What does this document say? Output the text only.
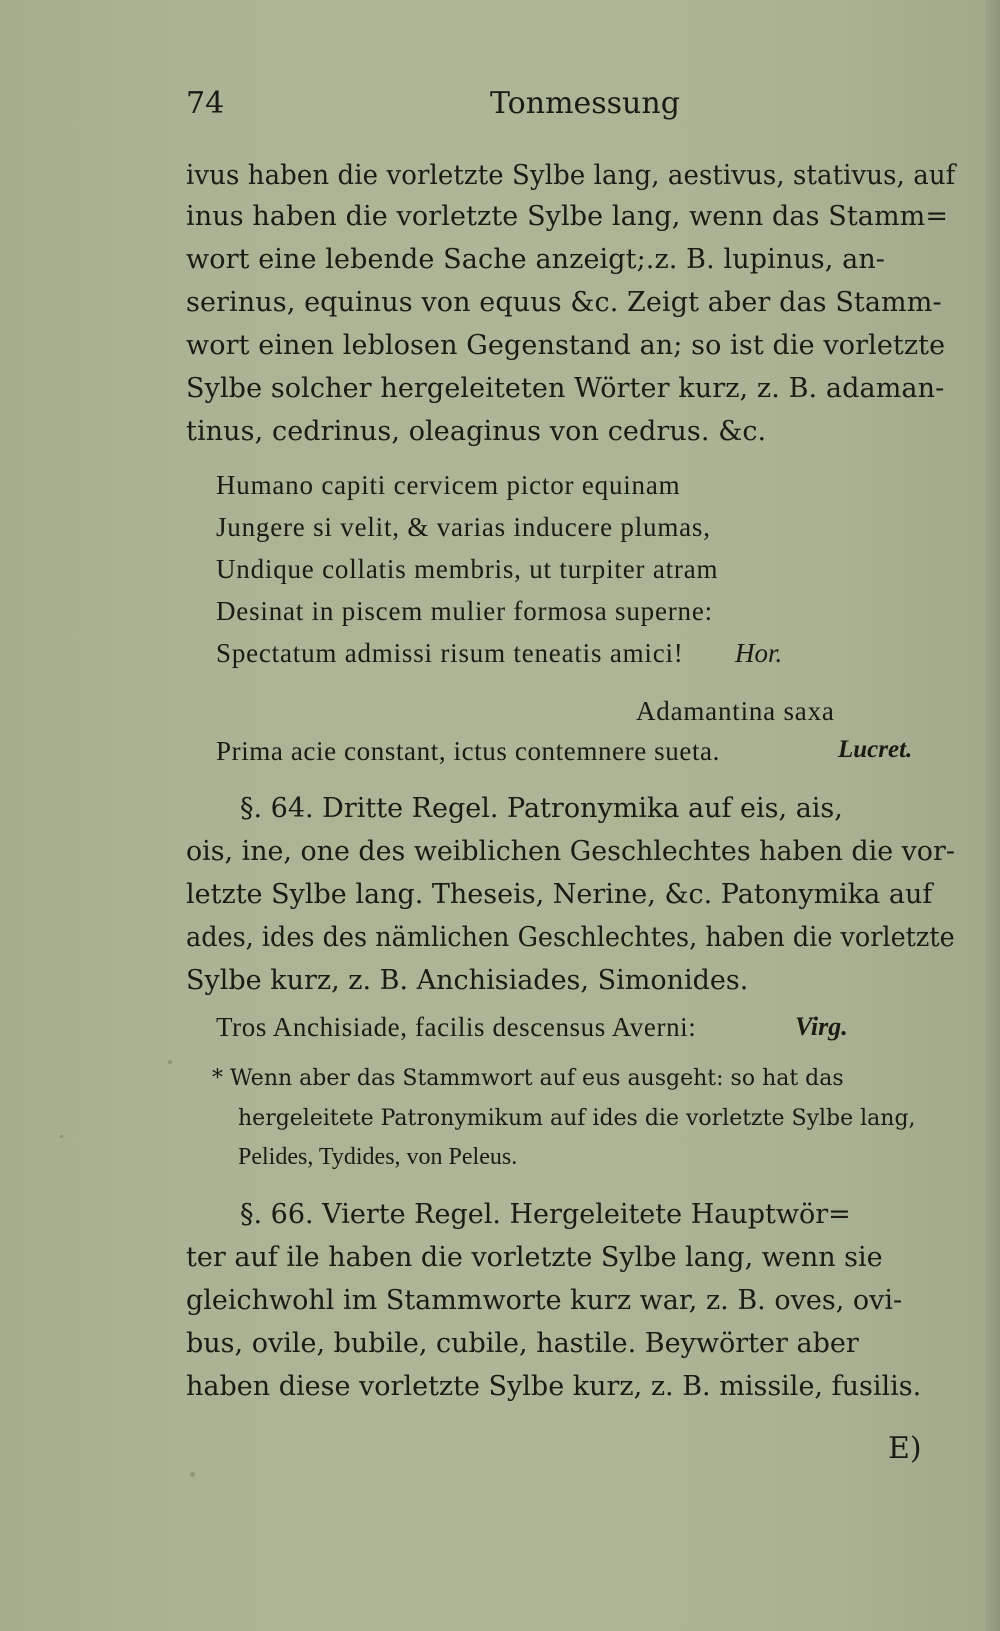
74	Tonmessung
ivus haben die vorletzte Sylbe lang, aestivus, stativus, auf
inus haben die vorletzte Sylbe lang, wenn das Stamm=
wort eine lebende Sache anzeigt;.z. B. lupinus, an-
serinus, equinus von equus &c. Zeigt aber das Stamm-
wort einen leblosen Gegenstand an; so ist die vorletzte
Sylbe solcher hergeleiteten Wörter kurz, z. B. adaman-
tinus, cedrinus, oleaginus von cedrus. &c.
Humano capiti cervicem pictor equinam
Jungere si velit, & varias inducere plumas,
Undique collatis membris, ut turpiter atram
Desinat in piscem mulier formosa superne:
Spectatum admissi risum teneatis amici! Hor.
Adamantina saxa
Prima acie constant, ictus contemnere sueta.	Lucret.
§. 64. Dritte Regel. Patronymika auf eis, ais,
ois, ine, one des weiblichen Geschlechtes haben die vor-
letzte Sylbe lang. Theseis, Nerine, &c. Patonymika auf
ades, ides des nämlichen Geschlechtes, haben die vorletzte
Sylbe kurz, z. B. Anchisiades, Simonides.
Tros Anchisiade, facilis descensus Averni:	Virg.
* Wenn aber das Stammwort auf eus ausgeht: so hat das
hergeleitete Patronymikum auf ides die vorletzte Sylbe lang,
Pelides, Tydides, von Peleus.
§. 66. Vierte Regel. Hergeleitete Hauptwör=
ter auf ile haben die vorletzte Sylbe lang, wenn sie
gleichwohl im Stammworte kurz war, z. B. oves, ovi-
bus, ovile, bubile, cubile, hastile. Beywörter aber
haben diese vorletzte Sylbe kurz, z. B. missile, fusilis.
E)
